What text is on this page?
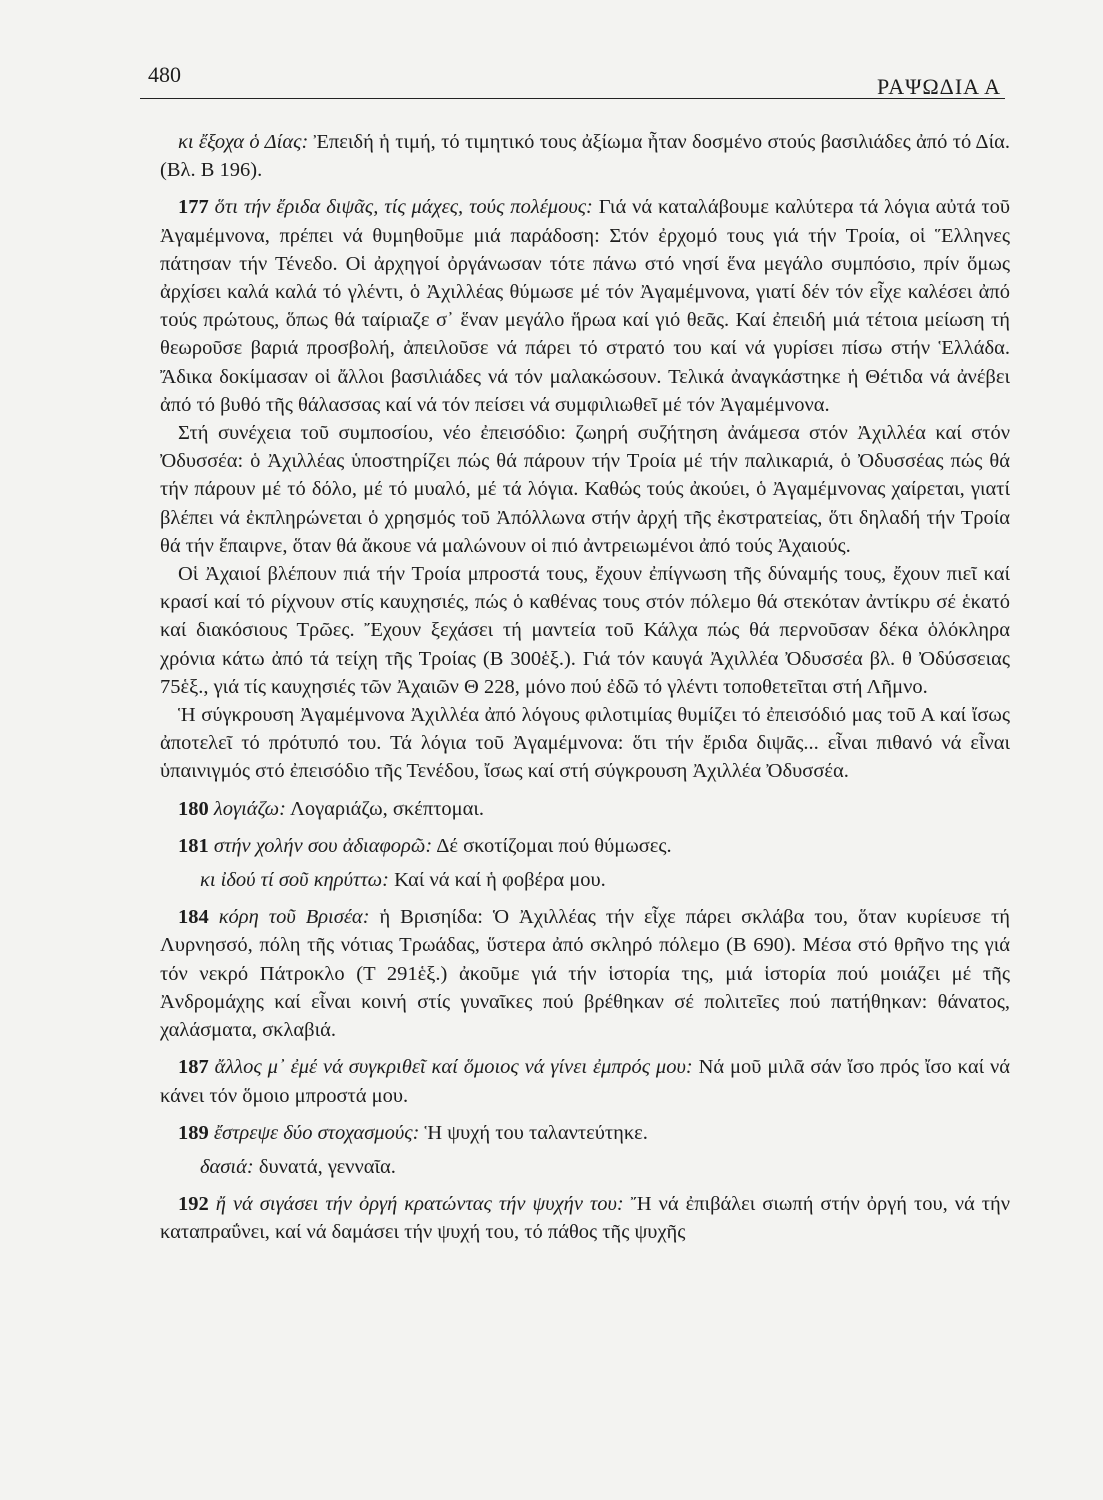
480	ΡΑΨΩΔΙΑ Α

κι ἔξοχα ὁ Δίας: Ἐπειδή ἡ τιμή, τό τιμητικό τους ἀξίωμα ἦταν δοσμένο στούς βασιλιάδες ἀπό τό Δία. (Βλ. Β 196).

177 ὅτι τήν ἔριδα διψᾶς, τίς μάχες, τούς πολέμους: Γιά νά καταλάβουμε καλύτερα τά λόγια αὐτά τοῦ Ἀγαμέμνονα, πρέπει νά θυμηθοῦμε μιά παράδοση: Στόν ἐρχομό τους γιά τήν Τροία, οἱ Ἕλληνες πάτησαν τήν Τένεδο. Οἱ ἀρχηγοί ὀργάνωσαν τότε πάνω στό νησί ἕνα μεγάλο συμπόσιο, πρίν ὅμως ἀρχίσει καλά καλά τό γλέντι, ὁ Ἀχιλλέας θύμωσε μέ τόν Ἀγαμέμνονα, γιατί δέν τόν εἶχε καλέσει ἀπό τούς πρώτους, ὅπως θά ταίριαζε σ᾽ ἕναν μεγάλο ἥρωα καί γιό θεᾶς. Καί ἐπειδή μιά τέτοια μείωση τή θεωροῦσε βαριά προσβολή, ἀπειλοῦσε νά πάρει τό στρατό του καί νά γυρίσει πίσω στήν Ἑλλάδα. Ἄδικα δοκίμασαν οἱ ἄλλοι βασιλιάδες νά τόν μαλακώσουν. Τελικά ἀναγκάστηκε ἡ Θέτιδα νά ἀνέβει ἀπό τό βυθό τῆς θάλασσας καί νά τόν πείσει νά συμφιλιωθεῖ μέ τόν Ἀγαμέμνονα.

Στή συνέχεια τοῦ συμποσίου, νέο ἐπεισόδιο: ζωηρή συζήτηση ἀνάμεσα στόν Ἀχιλλέα καί στόν Ὀδυσσέα: ὁ Ἀχιλλέας ὑποστηρίζει πώς θά πάρουν τήν Τροία μέ τήν παλικαριά, ὁ Ὀδυσσέας πώς θά τήν πάρουν μέ τό δόλο, μέ τό μυαλό, μέ τά λόγια. Καθώς τούς ἀκούει, ὁ Ἀγαμέμνονας χαίρεται, γιατί βλέπει νά ἐκπληρώνεται ὁ χρησμός τοῦ Ἀπόλλωνα στήν ἀρχή τῆς ἐκστρατείας, ὅτι δηλαδή τήν Τροία θά τήν ἔπαιρνε, ὅταν θά ἄκουε νά μαλώνουν οἱ πιό ἀντρειωμένοι ἀπό τούς Ἀχαιούς.

Οἱ Ἀχαιοί βλέπουν πιά τήν Τροία μπροστά τους, ἔχουν ἐπίγνωση τῆς δύναμής τους, ἔχουν πιεῖ καί κρασί καί τό ρίχνουν στίς καυχησιές, πώς ὁ καθένας τους στόν πόλεμο θά στεκόταν ἀντίκρυ σέ ἑκατό καί διακόσιους Τρῶες. Ἔχουν ξεχάσει τή μαντεία τοῦ Κάλχα πώς θά περνοῦσαν δέκα ὁλόκληρα χρόνια κάτω ἀπό τά τείχη τῆς Τροίας (Β 300ἑξ.). Γιά τόν καυγά Ἀχιλλέα Ὀδυσσέα βλ. θ Ὀδύσσειας 75ἑξ., γιά τίς καυχησιές τῶν Ἀχαιῶν Θ 228, μόνο πού ἐδῶ τό γλέντι τοποθετεῖται στή Λῆμνο.

Ἡ σύγκρουση Ἀγαμέμνονα Ἀχιλλέα ἀπό λόγους φιλοτιμίας θυμίζει τό ἐπεισόδιό μας τοῦ Α καί ἴσως ἀποτελεῖ τό πρότυπό του. Τά λόγια τοῦ Ἀγαμέμνονα: ὅτι τήν ἔριδα διψᾶς... εἶναι πιθανό νά εἶναι ὑπαινιγμός στό ἐπεισόδιο τῆς Τενέδου, ἴσως καί στή σύγκρουση Ἀχιλλέα Ὀδυσσέα.

180 λογιάζω: Λογαριάζω, σκέπτομαι.

181 στήν χολήν σου ἀδιαφορῶ: Δέ σκοτίζομαι πού θύμωσες.

κι ἰδού τί σοῦ κηρύττω: Καί νά καί ἡ φοβέρα μου.

184 κόρη τοῦ Βρισέα: ἡ Βρισηίδα: Ὁ Ἀχιλλέας τήν εἶχε πάρει σκλάβα του, ὅταν κυρίευσε τή Λυρνησσό, πόλη τῆς νότιας Τρωάδας, ὕστερα ἀπό σκληρό πόλεμο (Β 690). Μέσα στό θρῆνο της γιά τόν νεκρό Πάτροκλο (Τ 291ἑξ.) ἀκοῦμε γιά τήν ἱστορία της, μιά ἱστορία πού μοιάζει μέ τῆς Ἀνδρομάχης καί εἶναι κοινή στίς γυναῖκες πού βρέθηκαν σέ πολιτεῖες πού πατήθηκαν: θάνατος, χαλάσματα, σκλαβιά.

187 ἄλλος μ᾽ ἐμέ νά συγκριθεῖ καί ὅμοιος νά γίνει ἐμπρός μου: Νά μοῦ μιλᾶ σάν ἴσο πρός ἴσο καί νά κάνει τόν ὅμοιο μπροστά μου.

189 ἔστρεψε δύο στοχασμούς: Ἡ ψυχή του ταλαντεύτηκε.

δασιά: δυνατά, γενναῖα.

192 ἤ νά σιγάσει τήν ὀργή κρατώντας τήν ψυχήν του: Ἤ νά ἐπιβάλει σιωπή στήν ὀργή του, νά τήν καταπραΰνει, καί νά δαμάσει τήν ψυχή του, τό πάθος τῆς ψυχῆς
